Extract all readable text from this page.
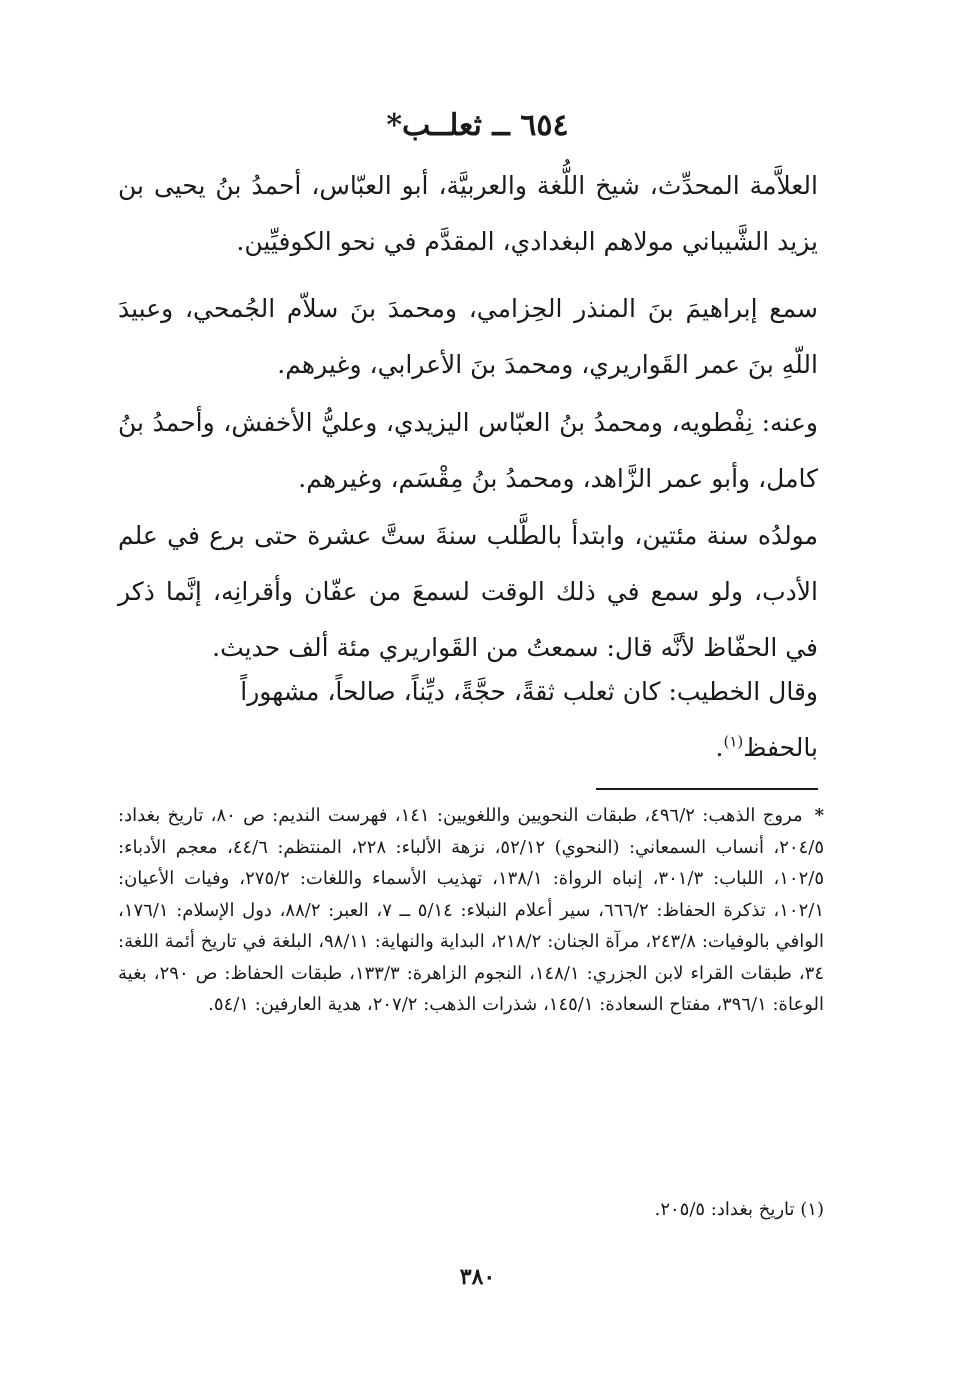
٦٥٤ ــ ثعلــب*
العلاَّمة المحدِّث، شيخ اللُّغة والعربيَّة، أبو العبّاس، أحمدُ بنُ يحيى بن يزيد الشَّيباني مولاهم البغدادي، المقدَّم في نحو الكوفيِّين.
سمع إبراهيمَ بنَ المنذر الحِزامي، ومحمدَ بنَ سلاّم الجُمحي، وعبيدَ اللّهِ بنَ عمر القَواريري، ومحمدَ بنَ الأعرابي، وغيرهم.
وعنه: نِفْطويه، ومحمدُ بنُ العبّاس اليزيدي، وعليُّ الأخفش، وأحمدُ بنُ كامل، وأبو عمر الزَّاهد، ومحمدُ بنُ مِقْسَم، وغيرهم.
مولدُه سنة مئتين، وابتدأ بالطَّلب سنةَ ستَّ عشرة حتى برع في علم الأدب، ولو سمع في ذلك الوقت لسمعَ من عفّان وأقرانِه، إنَّما ذكر في الحفّاظ لأنَّه قال: سمعتُ من القَواريري مئة ألف حديث.
وقال الخطيب: كان ثعلب ثقةً، حجَّةً، ديِّناً، صالحاً، مشهوراً
بالحفظ$^{(١)}$.
*مروج الذهب: ٤٩٦/٢، طبقات النحويين واللغويين: ١٤١، فهرست النديم: ص ٨٠، تاريخ بغداد: ٢٠٤/٥، أنساب السمعاني: (النحوي) ٥٢/١٢، نزهة الألباء: ٢٢٨، المنتظم: ٤٤/٦، معجم الأدباء: ١٠٢/٥، اللباب: ٣٠١/٣، إنباه الرواة: ١٣٨/١، تهذيب الأسماء واللغات: ٢٧٥/٢، وفيات الأعيان: ١٠٢/١، تذكرة الحفاظ: ٦٦٦/٢، سير أعلام النبلاء: ٥/١٤ ــ ٧، العبر: ٨٨/٢، دول الإسلام: ١٧٦/١، الوافي بالوفيات: ٢٤٣/٨، مرآة الجنان: ٢١٨/٢، البداية والنهاية: ٩٨/١١، البلغة في تاريخ أئمة اللغة: ٣٤، طبقات القراء لابن الجزري: ١٤٨/١، النجوم الزاهرة: ١٣٣/٣، طبقات الحفاظ: ص ٢٩٠، بغية الوعاة: ٣٩٦/١، مفتاح السعادة: ١٤٥/١، شذرات الذهب: ٢٠٧/٢، هدية العارفين: ٥٤/١.
(١) تاريخ بغداد: ٢٠٥/٥.
٣٨٠
